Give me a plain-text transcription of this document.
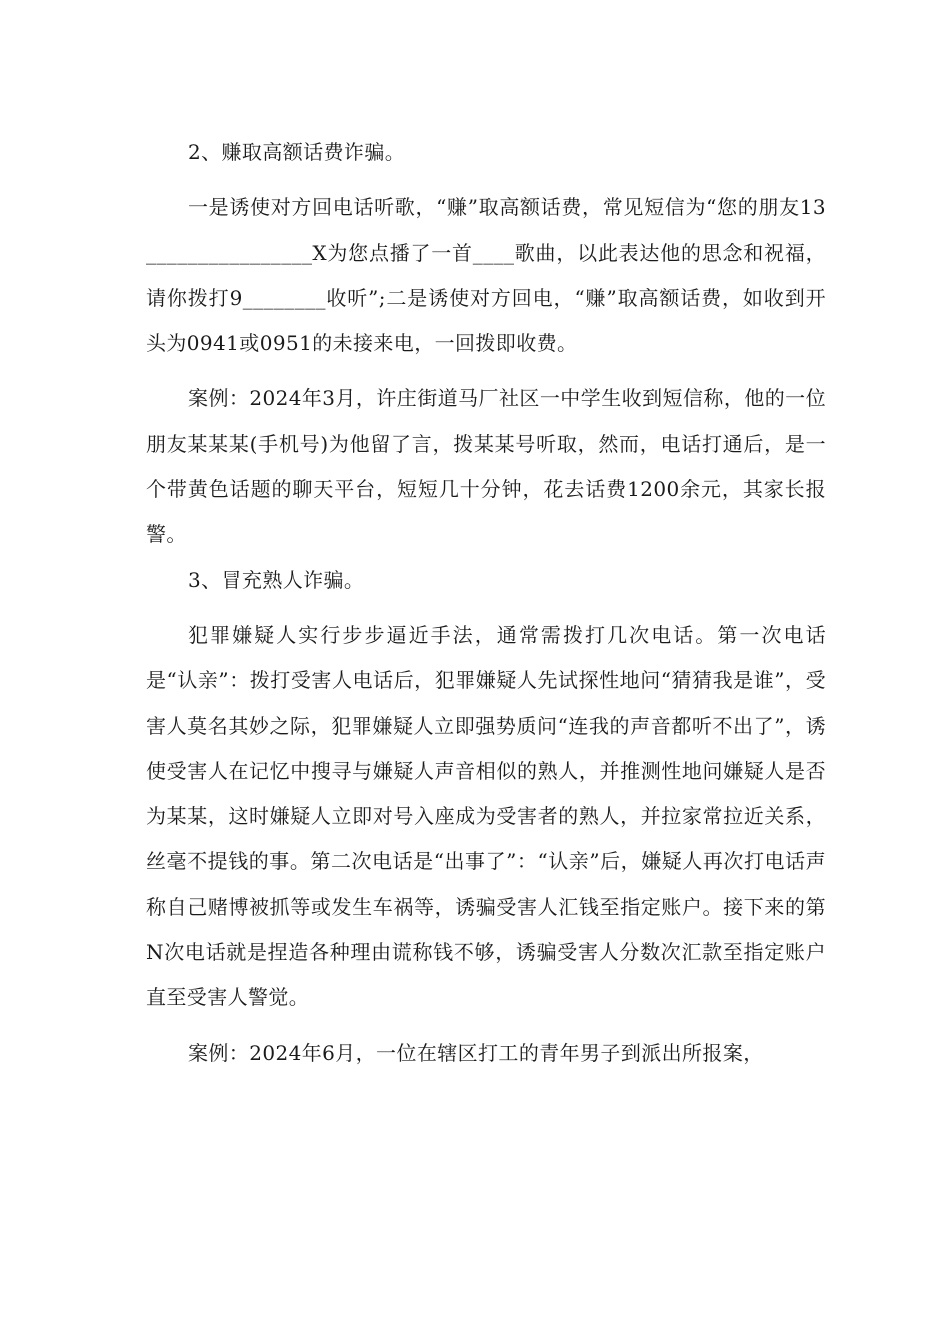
2、赚取高额话费诈骗。

一是诱使对方回电话听歌，“赚”取高额话费，常见短信为“您的朋友13________________X为您点播了一首____歌曲，以此表达他的思念和祝福，请你拨打9________收听”;二是诱使对方回电，“赚”取高额话费，如收到开头为0941或0951的未接来电，一回拨即收费。

案例：2024年3月，许庄街道马厂社区一中学生收到短信称，他的一位朋友某某某(手机号)为他留了言，拨某某号听取，然而，电话打通后，是一个带黄色话题的聊天平台，短短几十分钟，花去话费1200余元，其家长报警。

3、冒充熟人诈骗。

犯罪嫌疑人实行步步逼近手法，通常需拨打几次电话。第一次电话是“认亲”：拨打受害人电话后，犯罪嫌疑人先试探性地问“猜猜我是谁”，受害人莫名其妙之际，犯罪嫌疑人立即强势质问“连我的声音都听不出了”，诱使受害人在记忆中搜寻与嫌疑人声音相似的熟人，并推测性地问嫌疑人是否为某某，这时嫌疑人立即对号入座成为受害者的熟人，并拉家常拉近关系，丝毫不提钱的事。第二次电话是“出事了”：“认亲”后，嫌疑人再次打电话声称自己赌博被抓等或发生车祸等，诱骗受害人汇钱至指定账户。接下来的第N次电话就是捏造各种理由谎称钱不够，诱骗受害人分数次汇款至指定账户直至受害人警觉。

案例：2024年6月，一位在辖区打工的青年男子到派出所报案，
